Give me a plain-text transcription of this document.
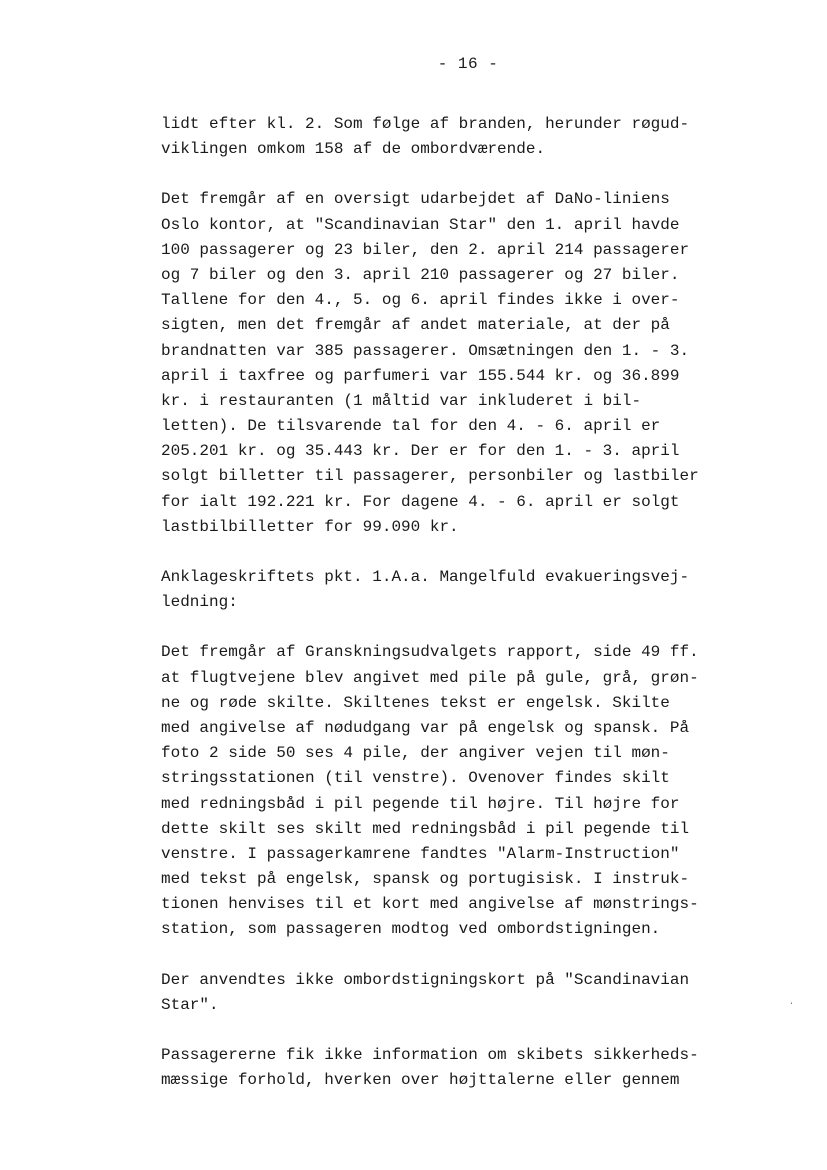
- 16 -

lidt efter kl. 2. Som følge af branden, herunder røgud-
viklingen omkom 158 af de ombordværende.

Det fremgår af en oversigt udarbejdet af DaNo-liniens
Oslo kontor, at "Scandinavian Star" den 1. april havde
100 passagerer og 23 biler, den 2. april 214 passagerer
og 7 biler og den 3. april 210 passagerer og 27 biler.
Tallene for den 4., 5. og 6. april findes ikke i over-
sigten, men det fremgår af andet materiale, at der på
brandnatten var 385 passagerer. Omsætningen den 1. - 3.
april i taxfree og parfumeri var 155.544 kr. og 36.899
kr. i restauranten (1 måltid var inkluderet i bil-
letten). De tilsvarende tal for den 4. - 6. april er
205.201 kr. og 35.443 kr. Der er for den 1. - 3. april
solgt billetter til passagerer, personbiler og lastbiler
for ialt 192.221 kr. For dagene 4. - 6. april er solgt
lastbilbilletter for 99.090 kr.

Anklageskriftets pkt. 1.A.a. Mangelfuld evakueringsvej-
ledning:

Det fremgår af Granskningsudvalgets rapport, side 49 ff.
at flugtvejene blev angivet med pile på gule, grå, grøn-
ne og røde skilte. Skiltenes tekst er engelsk. Skilte
med angivelse af nødudgang var på engelsk og spansk. På
foto 2 side 50 ses 4 pile, der angiver vejen til møn-
stringsstationen (til venstre). Ovenover findes skilt
med redningsbåd i pil pegende til højre. Til højre for
dette skilt ses skilt med redningsbåd i pil pegende til
venstre. I passagerkamrene fandtes "Alarm-Instruction"
med tekst på engelsk, spansk og portugisisk. I instruk-
tionen henvises til et kort med angivelse af mønstrings-
station, som passageren modtog ved ombordstigningen.

Der anvendtes ikke ombordstigningskort på "Scandinavian
Star".

Passagererne fik ikke information om skibets sikkerheds-
mæssige forhold, hverken over højttalerne eller gennem

ʻ
